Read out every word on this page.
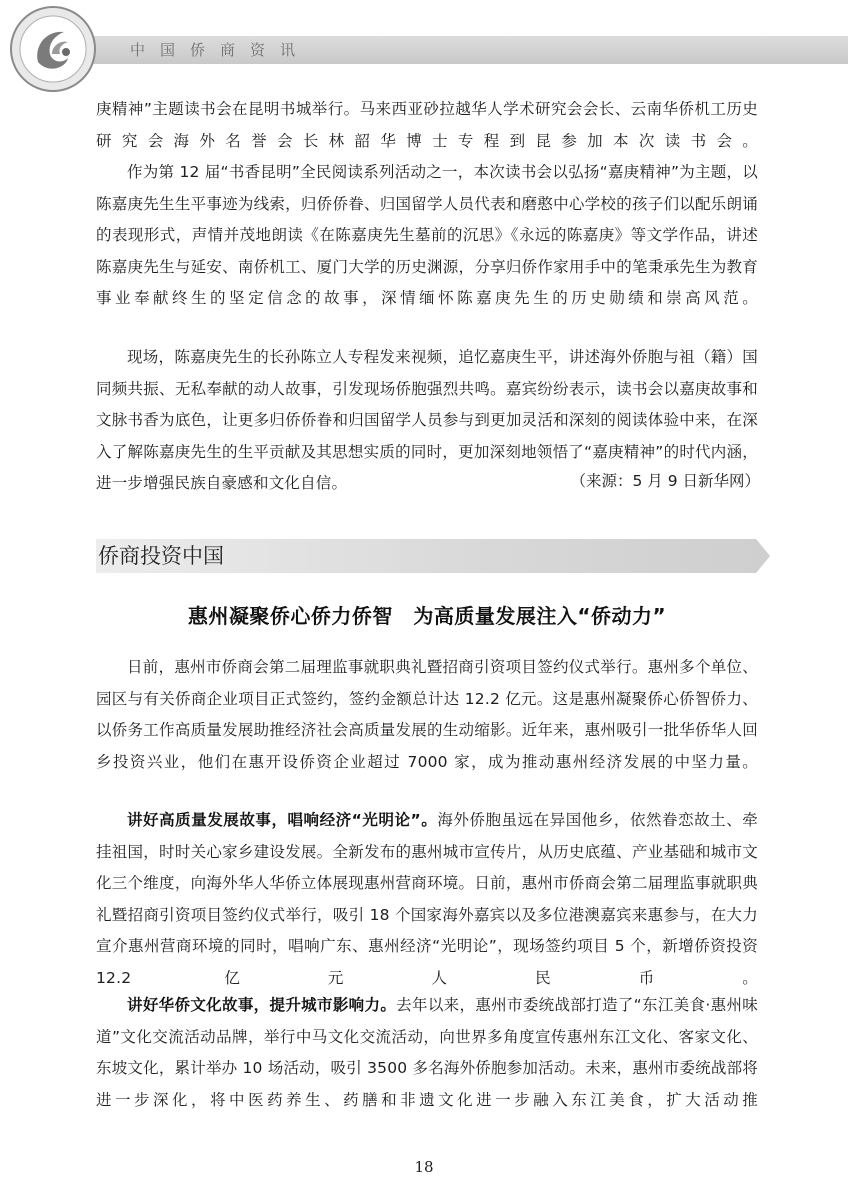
中国侨商资讯

庚精神”主题读书会在昆明书城举行。马来西亚砂拉越华人学术研究会会长、云南华侨机工历史研究会海外名誉会长林韶华博士专程到昆参加本次读书会。

作为第 12 届“书香昆明”全民阅读系列活动之一，本次读书会以弘扬“嘉庚精神”为主题，以陈嘉庚先生生平事迹为线索，归侨侨眷、归国留学人员代表和磨憨中心学校的孩子们以配乐朗诵的表现形式，声情并茂地朗读《在陈嘉庚先生墓前的沉思》《永远的陈嘉庚》等文学作品，讲述陈嘉庚先生与延安、南侨机工、厦门大学的历史渊源，分享归侨作家用手中的笔秉承先生为教育事业奉献终生的坚定信念的故事，深情缅怀陈嘉庚先生的历史勋绩和崇高风范。

现场，陈嘉庚先生的长孙陈立人专程发来视频，追忆嘉庚生平，讲述海外侨胞与祖（籍）国同频共振、无私奉献的动人故事，引发现场侨胞强烈共鸣。嘉宾纷纷表示，读书会以嘉庚故事和文脉书香为底色，让更多归侨侨眷和归国留学人员参与到更加灵活和深刻的阅读体验中来，在深入了解陈嘉庚先生的生平贡献及其思想实质的同时，更加深刻地领悟了“嘉庚精神”的时代内涵，进一步增强民族自豪感和文化自信。	（来源：5 月 9 日新华网）
侨商投资中国
惠州凝聚侨心侨力侨智　为高质量发展注入“侨动力”

日前，惠州市侨商会第二届理监事就职典礼暨招商引资项目签约仪式举行。惠州多个单位、园区与有关侨商企业项目正式签约，签约金额总计达 12.2 亿元。这是惠州凝聚侨心侨智侨力、以侨务工作高质量发展助推经济社会高质量发展的生动缩影。近年来，惠州吸引一批华侨华人回乡投资兴业，他们在惠开设侨资企业超过 7000 家，成为推动惠州经济发展的中坚力量。

讲好高质量发展故事，唱响经济“光明论”。海外侨胞虽远在异国他乡，依然眷恋故土、牵挂祖国，时时关心家乡建设发展。全新发布的惠州城市宣传片，从历史底蕴、产业基础和城市文化三个维度，向海外华人华侨立体展现惠州营商环境。日前，惠州市侨商会第二届理监事就职典礼暨招商引资项目签约仪式举行，吸引 18 个国家海外嘉宾以及多位港澳嘉宾来惠参与，在大力宣介惠州营商环境的同时，唱响广东、惠州经济“光明论”，现场签约项目 5 个，新增侨资投资 12.2 亿元人民币。

讲好华侨文化故事，提升城市影响力。去年以来，惠州市委统战部打造了“东江美食·惠州味道”文化交流活动品牌，举行中马文化交流活动，向世界多角度宣传惠州东江文化、客家文化、东坡文化，累计举办 10 场活动，吸引 3500 多名海外侨胞参加活动。未来，惠州市委统战部将进一步深化，将中医药养生、药膳和非遗文化进一步融入东江美食，扩大活动推

18
